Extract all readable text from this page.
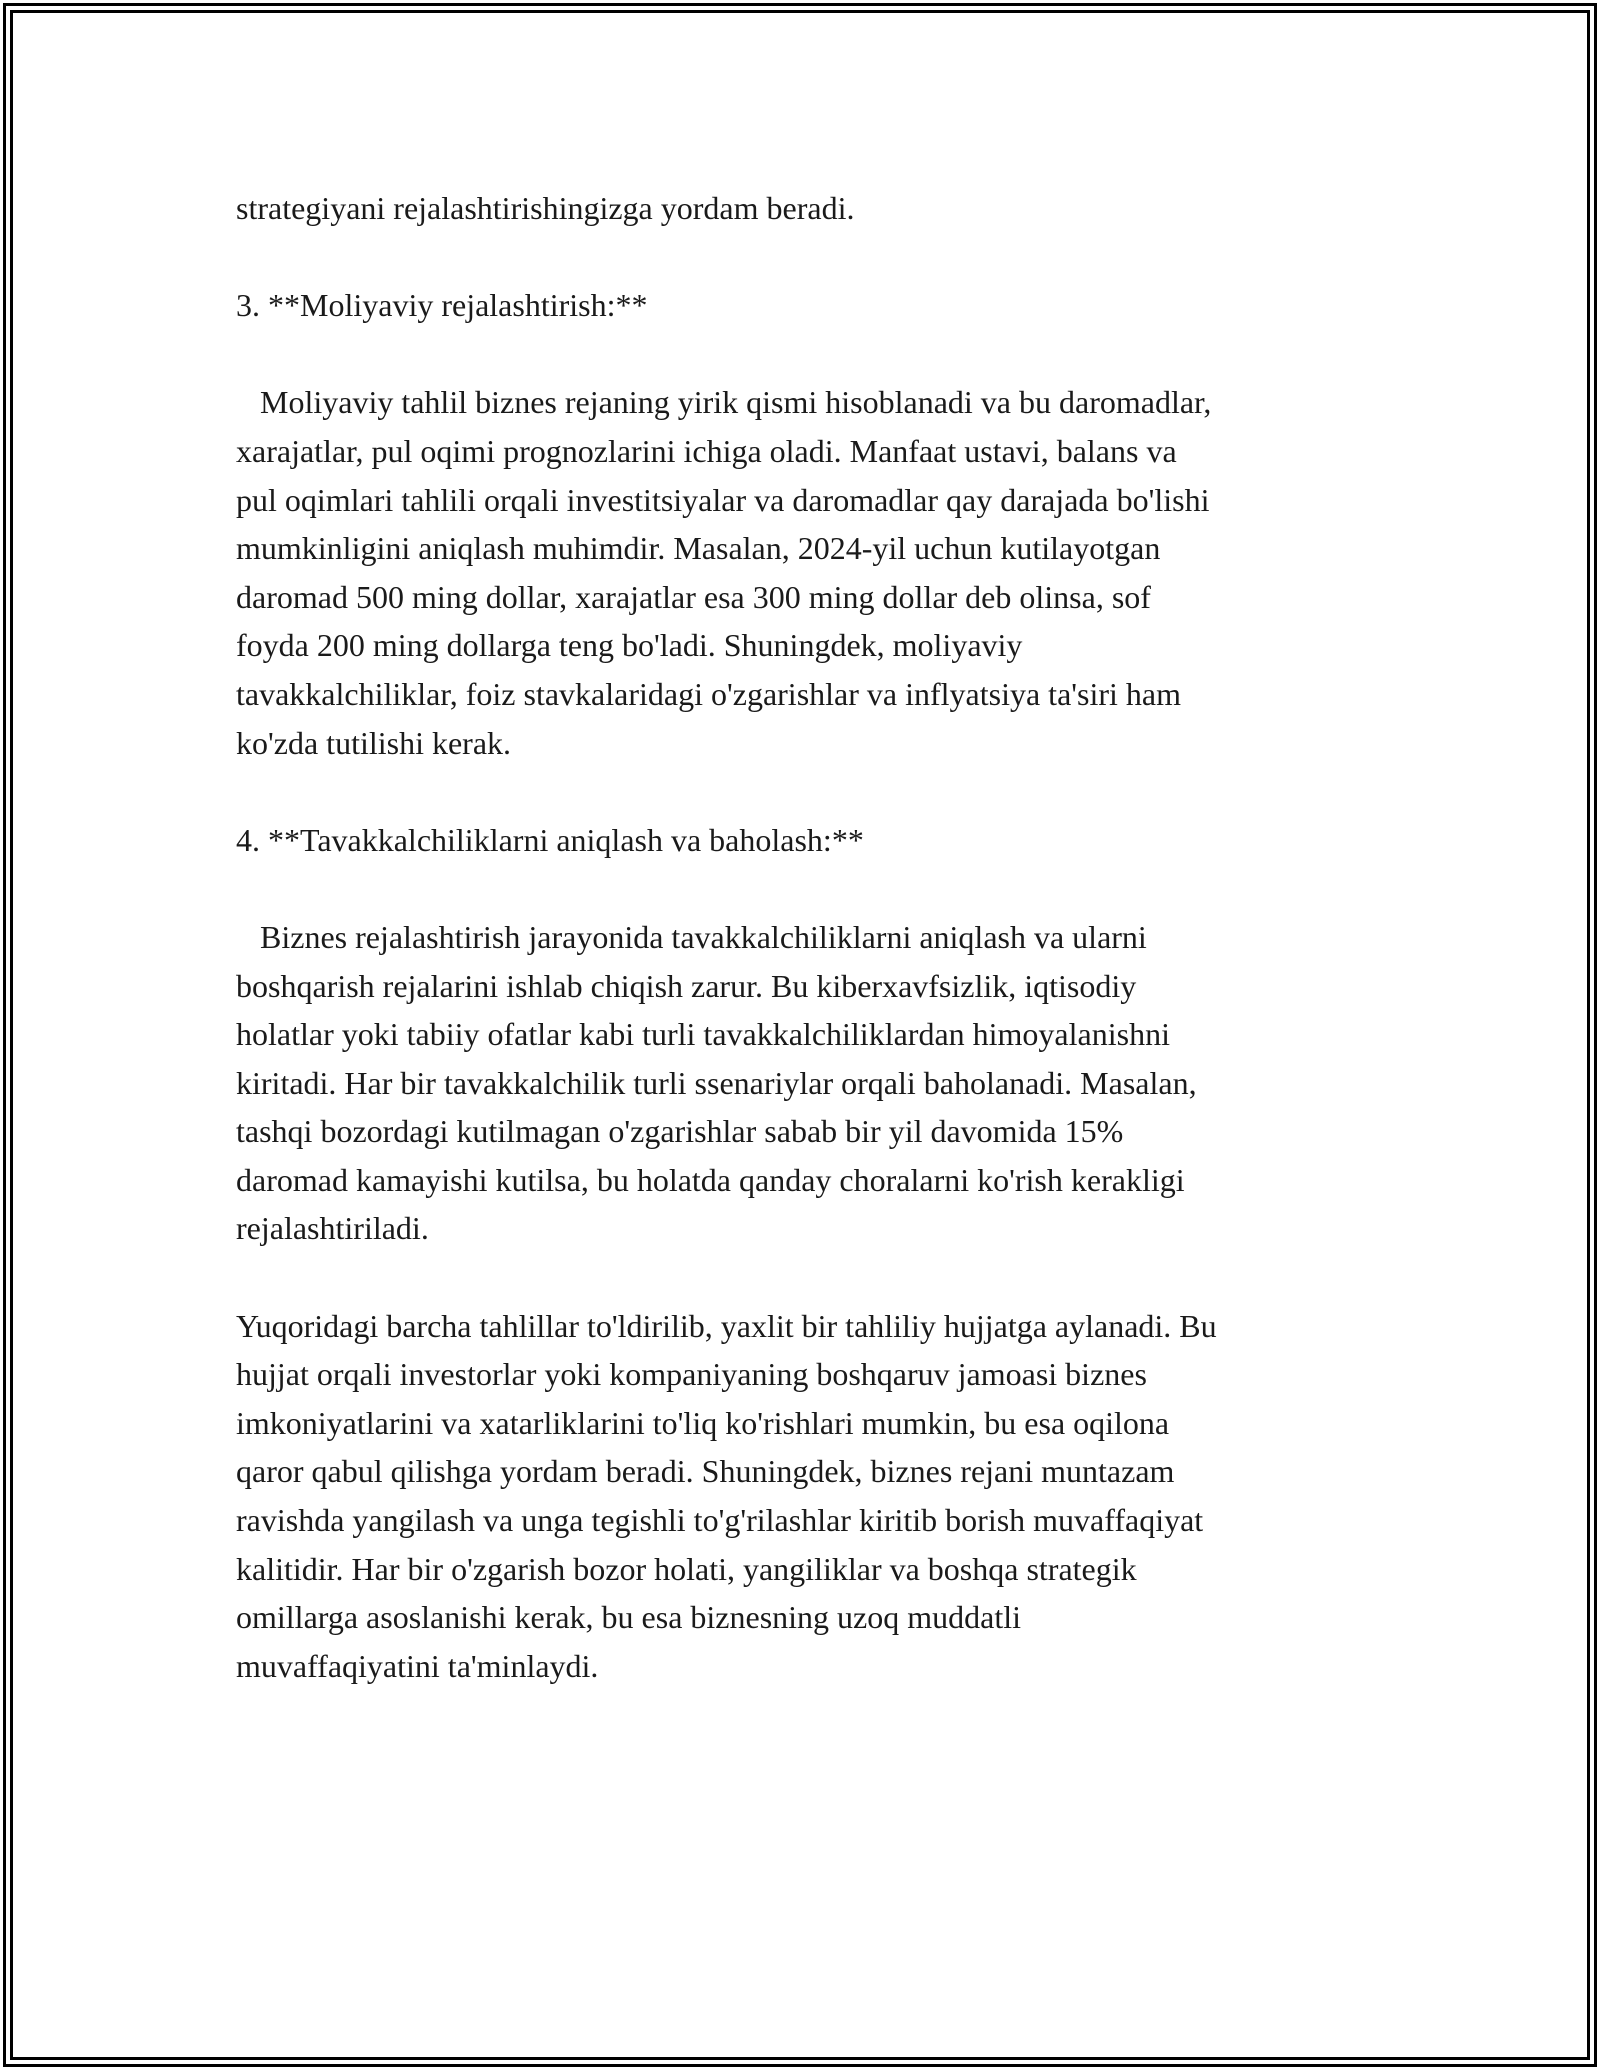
strategiyani rejalashtirishingizga yordam beradi.
3. **Moliyaviy rejalashtirish:**
Moliyaviy tahlil biznes rejaning yirik qismi hisoblanadi va bu daromadlar,
xarajatlar, pul oqimi prognozlarini ichiga oladi. Manfaat ustavi, balans va
pul oqimlari tahlili orqali investitsiyalar va daromadlar qay darajada bo'lishi
mumkinligini aniqlash muhimdir. Masalan, 2024-yil uchun kutilayotgan
daromad 500 ming dollar, xarajatlar esa 300 ming dollar deb olinsa, sof
foyda 200 ming dollarga teng bo'ladi. Shuningdek, moliyaviy
tavakkalchiliklar, foiz stavkalaridagi o'zgarishlar va inflyatsiya ta'siri ham
ko'zda tutilishi kerak.
4. **Tavakkalchiliklarni aniqlash va baholash:**
Biznes rejalashtirish jarayonida tavakkalchiliklarni aniqlash va ularni
boshqarish rejalarini ishlab chiqish zarur. Bu kiberxavfsizlik, iqtisodiy
holatlar yoki tabiiy ofatlar kabi turli tavakkalchiliklardan himoyalanishni
kiritadi. Har bir tavakkalchilik turli ssenariylar orqali baholanadi. Masalan,
tashqi bozordagi kutilmagan o'zgarishlar sabab bir yil davomida 15%
daromad kamayishi kutilsa, bu holatda qanday choralarni ko'rish kerakligi
rejalashtiriladi.
Yuqoridagi barcha tahlillar to'ldirilib, yaxlit bir tahliliy hujjatga aylanadi. Bu
hujjat orqali investorlar yoki kompaniyaning boshqaruv jamoasi biznes
imkoniyatlarini va xatarliklarini to'liq ko'rishlari mumkin, bu esa oqilona
qaror qabul qilishga yordam beradi. Shuningdek, biznes rejani muntazam
ravishda yangilash va unga tegishli to'g'rilashlar kiritib borish muvaffaqiyat
kalitidir. Har bir o'zgarish bozor holati, yangiliklar va boshqa strategik
omillarga asoslanishi kerak, bu esa biznesning uzoq muddatli
muvaffaqiyatini ta'minlaydi.
